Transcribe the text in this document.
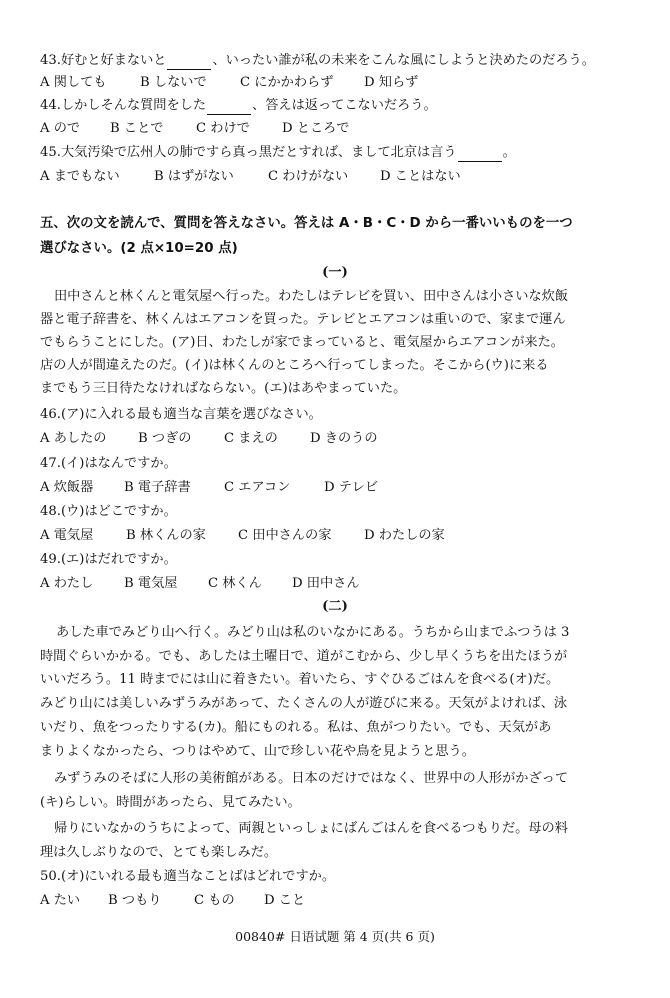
43.好むと好まないと	、いったい誰が私の未来をこんな風にしようと決めたのだろう。
A 関しても	B しないで	C にかかわらず	D 知らず
44.しかしそんな質問をした	、答えは返ってこないだろう。
A ので	B ことで	C わけで	D ところで
45.大気汚染で広州人の肺ですら真っ黒だとすれば、まして北京は言う	。
A までもない	B はずがない	C わけがない	D ことはない
五、次の文を読んで、質問を答えなさい。答えは A・B・C・D から一番いいものを一つ
選びなさい。(2 点×10=20 点)
(一)
田中さんと林くんと電気屋へ行った。わたしはテレビを買い、田中さんは小さいな炊飯
器と電子辞書を、林くんはエアコンを買った。テレビとエアコンは重いので、家まで運ん
でもらうことにした。(ア)日、わたしが家でまっていると、電気屋からエアコンが来た。
店の人が間違えたのだ。(イ)は林くんのところへ行ってしまった。そこから(ウ)に来る
までもう三日待たなければならない。(エ)はあやまっていた。
46.(ア)に入れる最も適当な言葉を選びなさい。
A あしたの	B つぎの	C まえの	D きのうの
47.(イ)はなんですか。
A 炊飯器	B 電子辞書	C エアコン	D テレビ
48.(ウ)はどこですか。
A 電気屋	B 林くんの家	C 田中さんの家	D わたしの家
49.(エ)はだれですか。
A わたし	B 電気屋	C 林くん	D 田中さん
(二)
あした車でみどり山へ行く。みどり山は私のいなかにある。うちから山までふつうは 3
時間ぐらいかかる。でも、あしたは土曜日で、道がこむから、少し早くうちを出たほうが
いいだろう。11 時までには山に着きたい。着いたら、すぐひるごはんを食べる(オ)だ。
みどり山には美しいみずうみがあって、たくさんの人が遊びに来る。天気がよければ、泳
いだり、魚をつったりする(カ)。船にものれる。私は、魚がつりたい。でも、天気があ
まりよくなかったら、つりはやめて、山で珍しい花や鳥を見ようと思う。
みずうみのそばに人形の美術館がある。日本のだけではなく、世界中の人形がかざって
(キ)らしい。時間があったら、見てみたい。
帰りにいなかのうちによって、両親といっしょにばんごはんを食べるつもりだ。母の料
理は久しぶりなので、とても楽しみだ。
50.(オ)にいれる最も適当なことばはどれですか。
A たい	B つもり	C もの	D こと
00840# 日语试题 第 4 页(共 6 页)
